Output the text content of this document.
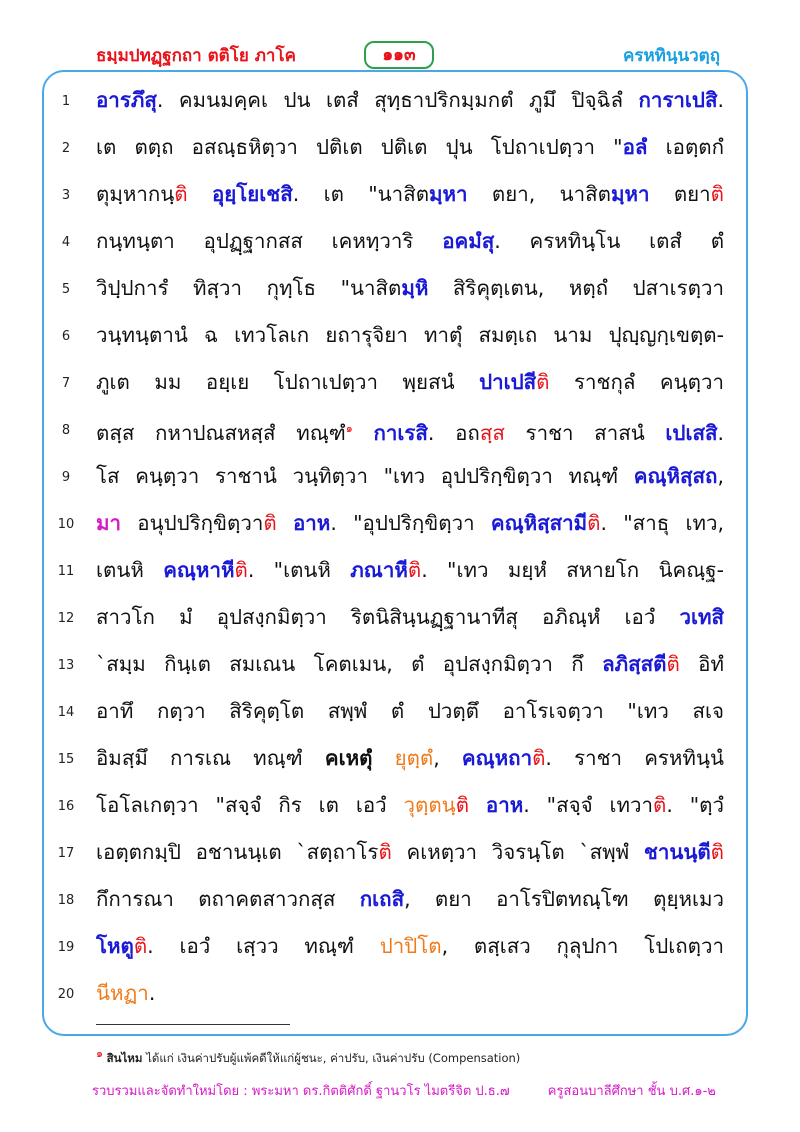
ธมฺมปทฏฺฐกถา ตติโย ภาโค	๑๑๓	ครหทินฺนวตฺถุ
1	อารภึสุ. คมนมคฺคเ ปน เตสํ สุทฺธาปริกมฺมกตํ ภูมึ ปิจฺฉิลํ การาเปสิ.
2	เต ตตฺถ อสณฺธหิตฺวา ปติเต ปติเต ปุน โปถาเปตฺวา "อลํ เอตฺตกํ
3	ตุมฺหากนฺติ อุยฺโยเชสิ. เต "นาสิตมฺหา ตยา, นาสิตมฺหา ตยาติ
4	กนฺทนฺตา อุปฏฺฐากสส เคหทฺวาริ อคมํสุ. ครหทินฺโน เตสํ ตํ
5	วิปฺปการํ ทิสฺวา กุทฺโธ "นาสิตมฺหิ สิริคุตฺเตน, หตฺถํ ปสาเรตฺวา
6	วนฺทนฺตานํ ฉ เทวโลเก ยถารุจิยา ทาตุํ สมตฺเถ นาม ปุญฺญกฺเขตฺต-
7	ภูเต มม อยฺเย โปถาเปตฺวา พฺยสนํ ปาเปสีติ ราชกุลํ คนฺตฺวา
8	ตสฺส กหาปณสหสฺสํ ทณฺฑํ$^๑$ กาเรสิ. อถสฺส ราชา สาสนํ เปเสสิ.
9	โส คนฺตฺวา ราชานํ วนฺทิตฺวา "เทว อุปปริกฺขิตฺวา ทณฺฑํ คณฺหิสฺสถ,
10	มา อนุปปริกฺขิตฺวาติ อาห. "อุปปริกฺขิตฺวา คณฺหิสฺสามีติ. "สาธุ เทว,
11	เตนหิ คณฺหาหีติ. "เตนหิ ภณาหีติ. "เทว มยฺหํ สหายโก นิคณฺฐ-
12	สาวโก มํ อุปสงฺกมิตฺวา ริตนิสินฺนฏฺฐานาทีสุ อภิณฺหํ เอวํ วเทสิ
13	`สมฺม กินฺเต สมเณน โคตเมน, ตํ อุปสงฺกมิตฺวา กึ ลภิสฺสตีติ อิทํ
14	อาทึ กตฺวา สิริคุตฺโต สพฺพํ ตํ ปวตฺตึ อาโรเจตฺวา "เทว สเจ
15	อิมสฺมึ การเณ ทณฺฑํ คเหตุํ ยุตฺตํ, คณฺหถาติ. ราชา ครหทินฺนํ
16	โอโลเกตฺวา "สจฺจํ กิร เต เอวํ วุตฺตนฺติ อาห. "สจฺจํ เทวาติ. "ตฺวํ
17	เอตฺตกมฺปิ อชานนฺเต `สตฺถาโรติ คเหตฺวา วิจรนฺโต `สพฺพํ ชานนฺตีติ
18	กึการณา ตถาคตสาวกสฺส กเถสิ, ตยา อาโรปิตทณฺโฑ ตุยฺหเมว
19	โหตูติ. เอวํ เสฺวว ทณฺฑํ ปาปิโต, ตสฺเสว กุลุปกา โปเถตฺวา
20	นีหฏา.
$^๑$ สินไหม ได้แก่ เงินค่าปรับผู้แพ้คดีให้แก่ผู้ชนะ, ค่าปรับ, เงินค่าปรับ (Compensation)
รวบรวมและจัดทำใหม่โดย : พระมหา ดร.กิตติศักดิ์ ฐานวโร ไมตรีจิต ป.ธ.๗	ครูสอนบาลีศึกษา ชั้น บ.ศ.๑-๒
